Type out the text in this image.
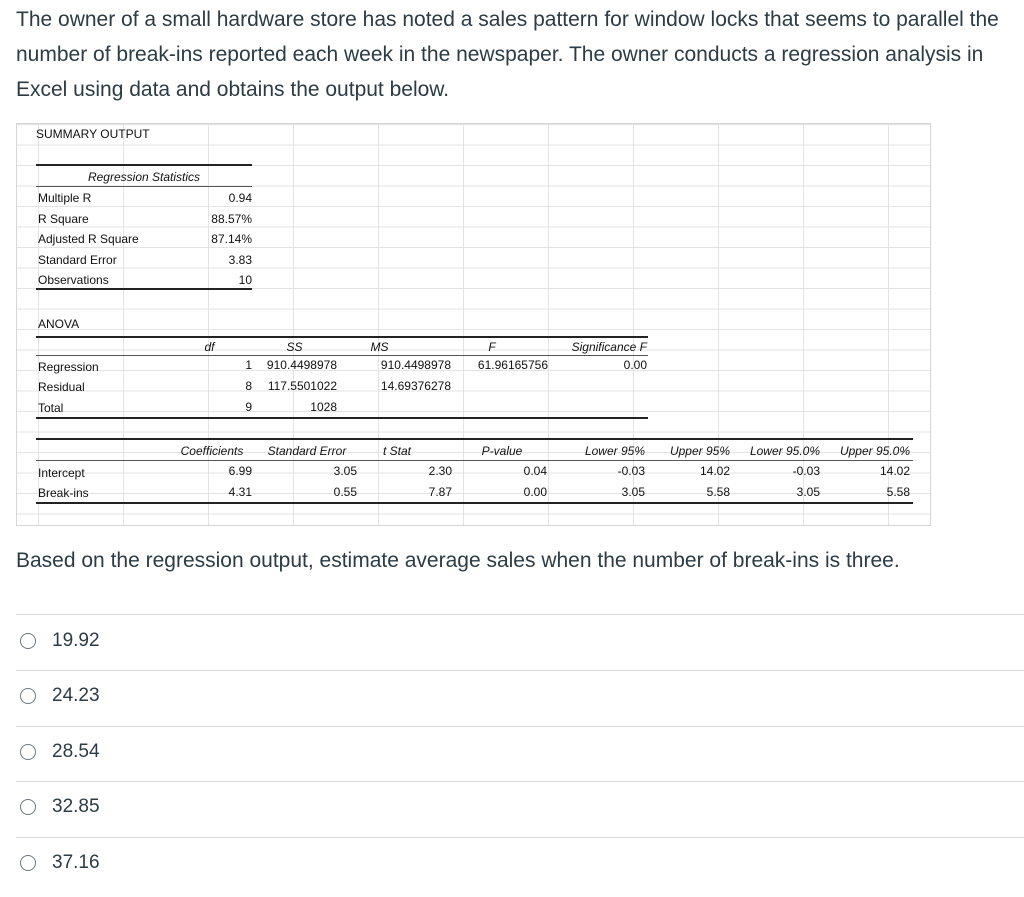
The owner of a small hardware store has noted a sales pattern for window locks that seems to parallel the number of break-ins reported each week in the newspaper. The owner conducts a regression analysis in Excel using data and obtains the output below.

SUMMARY OUTPUT
Regression Statistics
Multiple R	0.94
R Square	88.57%
Adjusted R Square	87.14%
Standard Error	3.83
Observations	10
ANOVA
df	SS	MS	F	Significance F
Regression	1	910.4498978	910.4498978	61.96165756	0.00
Residual	8	117.5501022	14.69376278
Total	9	1028
Coefficients	Standard Error	t Stat	P-value	Lower 95%	Upper 95%	Lower 95.0%	Upper 95.0%
Intercept	6.99	3.05	2.30	0.04	-0.03	14.02	-0.03	14.02
Break-ins	4.31	0.55	7.87	0.00	3.05	5.58	3.05	5.58

Based on the regression output, estimate average sales when the number of break-ins is three.

19.92
24.23
28.54
32.85
37.16
